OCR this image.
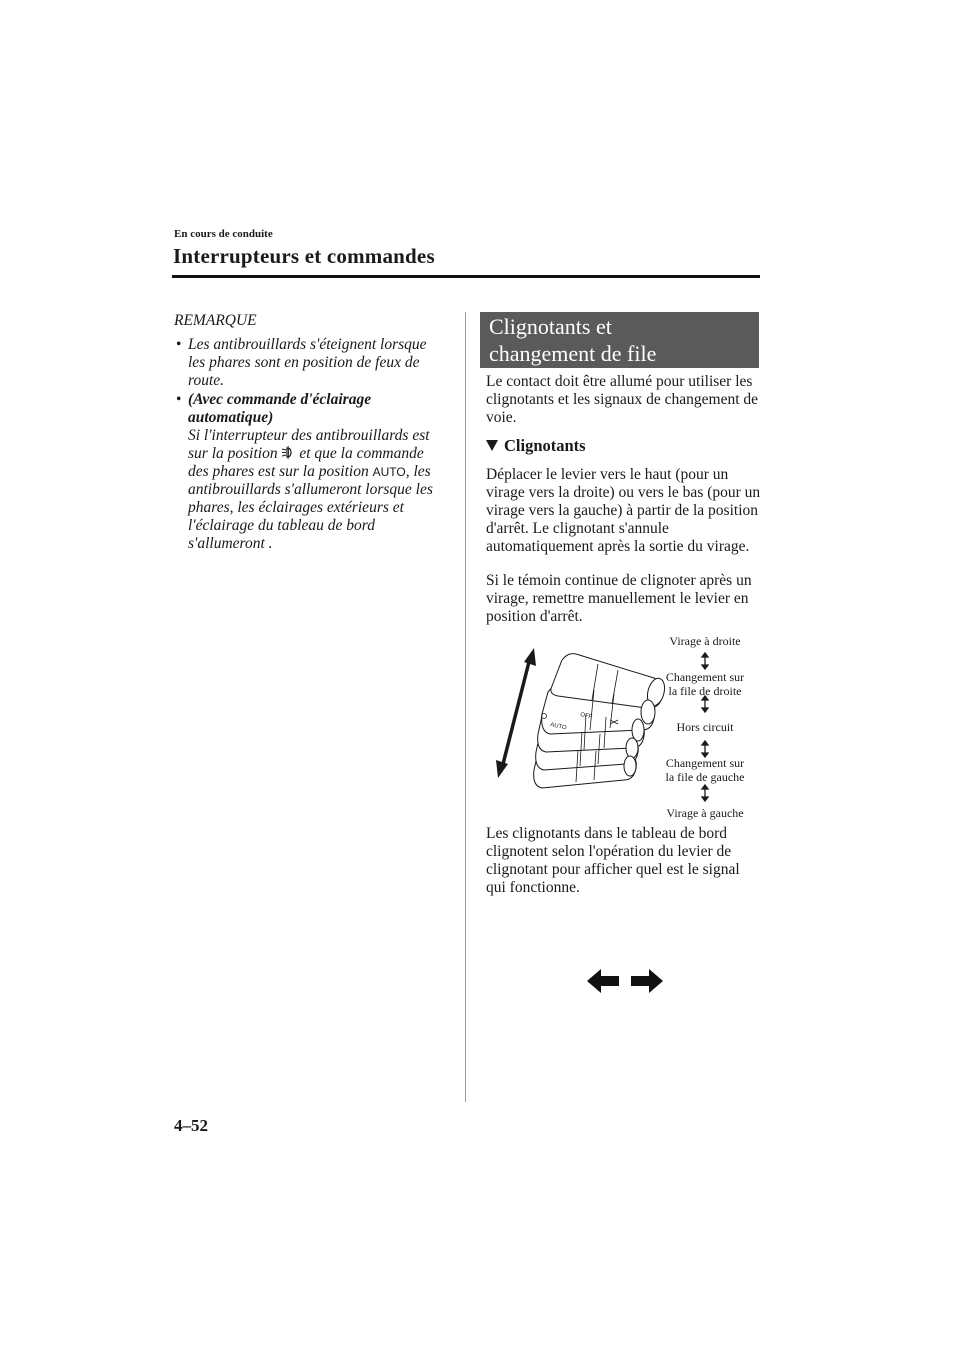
En cours de conduite
Interrupteurs et commandes
REMARQUE
• Les antibrouillards s'éteignent lorsque les phares sont en position de feux de route.
• (Avec commande d'éclairage automatique)
Si l'interrupteur des antibrouillards est sur la position et que la commande des phares est sur la position AUTO, les antibrouillards s'allumeront lorsque les phares, les éclairages extérieurs et l'éclairage du tableau de bord s'allumeront .
Clignotants et
changement de file
Le contact doit être allumé pour utiliser les clignotants et les signaux de changement de voie.
Clignotants
Déplacer le levier vers le haut (pour un virage vers la droite) ou vers le bas (pour un virage vers la gauche) à partir de la position d'arrêt. Le clignotant s'annule automatiquement après la sortie du virage.
Si le témoin continue de clignoter après un virage, remettre manuellement le levier en position d'arrêt.
AUTO
OFF
Virage à droite
Changement sur
la file de droite
Hors circuit
Changement sur
la file de gauche
Virage à gauche
Les clignotants dans le tableau de bord clignotent selon l'opération du levier de clignotant pour afficher quel est le signal qui fonctionne.
4–52
